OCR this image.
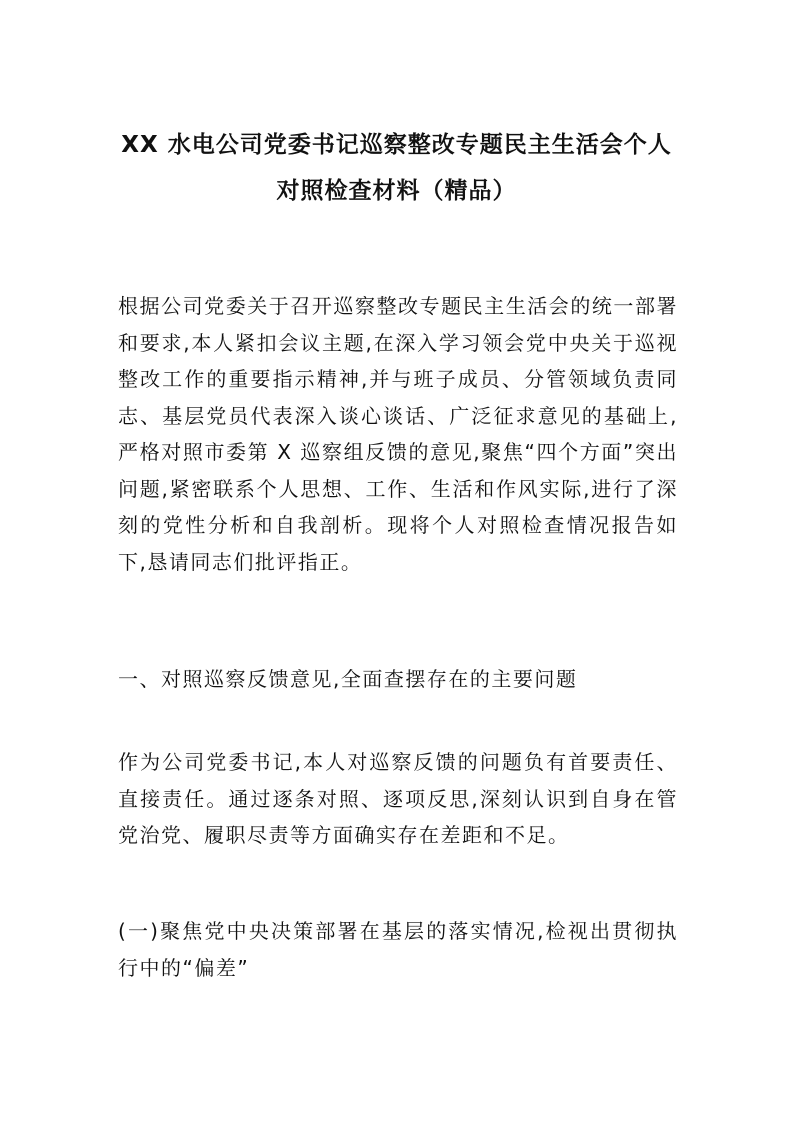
XX 水电公司党委书记巡察整改专题民主生活会个人
对照检查材料（精品）
根据公司党委关于召开巡察整改专题民主生活会的统一部署和要求,本人紧扣会议主题,在深入学习领会党中央关于巡视整改工作的重要指示精神,并与班子成员、分管领域负责同志、基层党员代表深入谈心谈话、广泛征求意见的基础上,严格对照市委第 X 巡察组反馈的意见,聚焦“四个方面”突出问题,紧密联系个人思想、工作、生活和作风实际,进行了深刻的党性分析和自我剖析。现将个人对照检查情况报告如下,恳请同志们批评指正。
一、对照巡察反馈意见,全面查摆存在的主要问题
作为公司党委书记,本人对巡察反馈的问题负有首要责任、直接责任。通过逐条对照、逐项反思,深刻认识到自身在管党治党、履职尽责等方面确实存在差距和不足。
(一)聚焦党中央决策部署在基层的落实情况,检视出贯彻执行中的“偏差”
